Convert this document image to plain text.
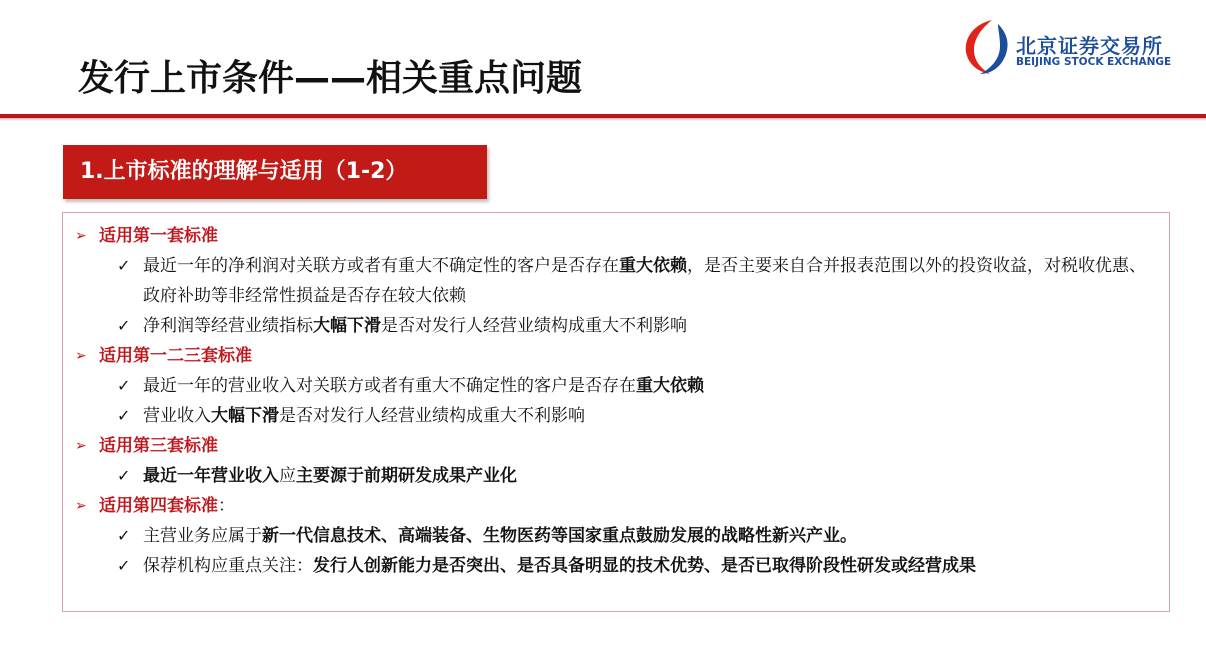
发行上市条件——相关重点问题
北京证券交易所
BEIJING STOCK EXCHANGE
1.上市标准的理解与适用（1-2）
➢ 适用第一套标准
✓ 最近一年的净利润对关联方或者有重大不确定性的客户是否存在重大依赖，是否主要来自合并报表范围以外的投资收益，对税收优惠、政府补助等非经常性损益是否存在较大依赖
✓ 净利润等经营业绩指标大幅下滑是否对发行人经营业绩构成重大不利影响
➢ 适用第一二三套标准
✓ 最近一年的营业收入对关联方或者有重大不确定性的客户是否存在重大依赖
✓ 营业收入大幅下滑是否对发行人经营业绩构成重大不利影响
➢ 适用第三套标准
✓ 最近一年营业收入应主要源于前期研发成果产业化
➢ 适用第四套标准：
✓ 主营业务应属于新一代信息技术、高端装备、生物医药等国家重点鼓励发展的战略性新兴产业。
✓ 保荐机构应重点关注：发行人创新能力是否突出、是否具备明显的技术优势、是否已取得阶段性研发或经营成果
